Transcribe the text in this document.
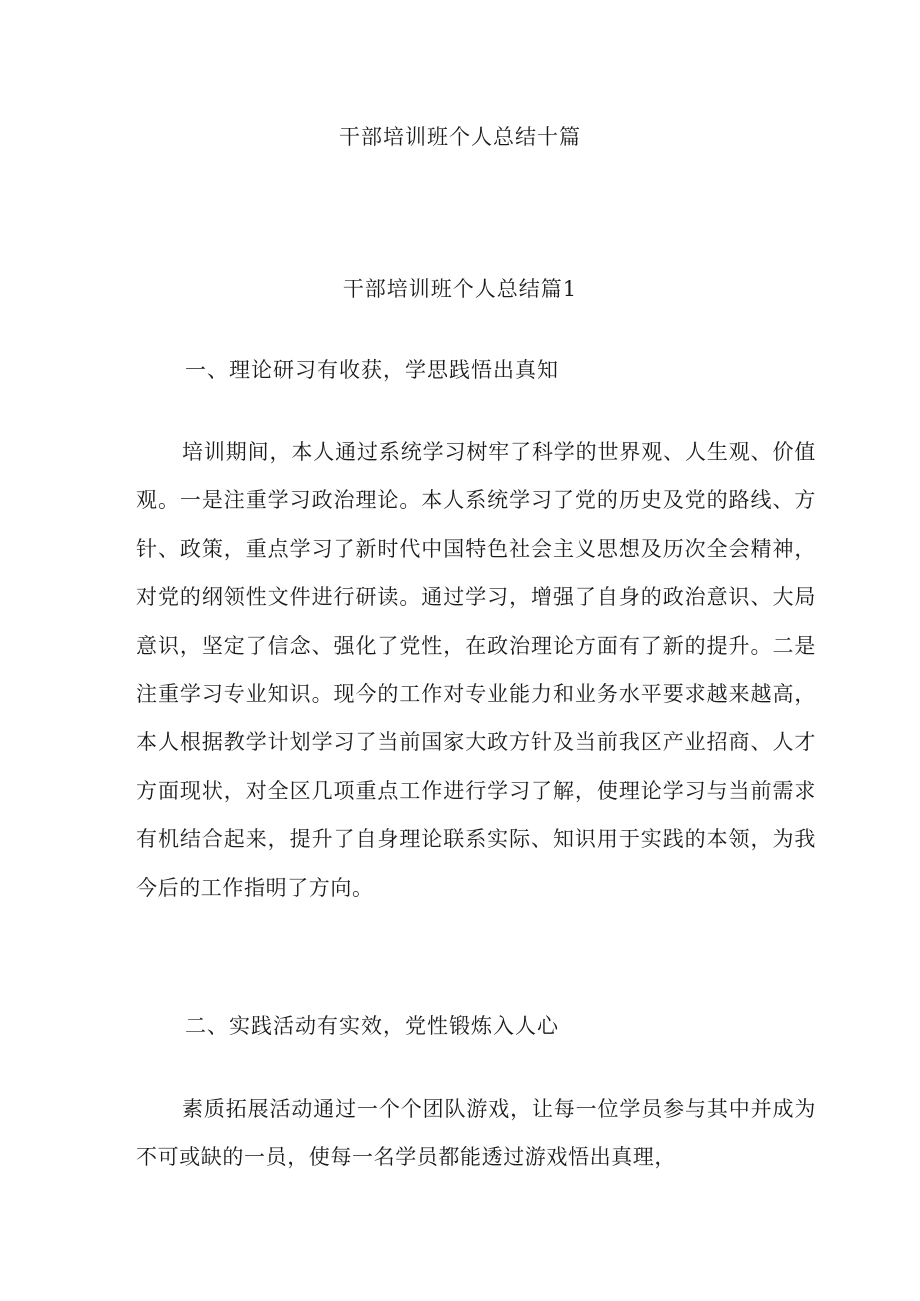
干部培训班个人总结十篇
干部培训班个人总结篇1
一、理论研习有收获，学思践悟出真知

培训期间，本人通过系统学习树牢了科学的世界观、人生观、价值观。一是注重学习政治理论。本人系统学习了党的历史及党的路线、方针、政策，重点学习了新时代中国特色社会主义思想及历次全会精神，对党的纲领性文件进行研读。通过学习，增强了自身的政治意识、大局意识，坚定了信念、强化了党性，在政治理论方面有了新的提升。二是注重学习专业知识。现今的工作对专业能力和业务水平要求越来越高，本人根据教学计划学习了当前国家大政方针及当前我区产业招商、人才方面现状，对全区几项重点工作进行学习了解，使理论学习与当前需求有机结合起来，提升了自身理论联系实际、知识用于实践的本领，为我今后的工作指明了方向。

二、实践活动有实效，党性锻炼入人心

素质拓展活动通过一个个团队游戏，让每一位学员参与其中并成为不可或缺的一员，使每一名学员都能透过游戏悟出真理，
